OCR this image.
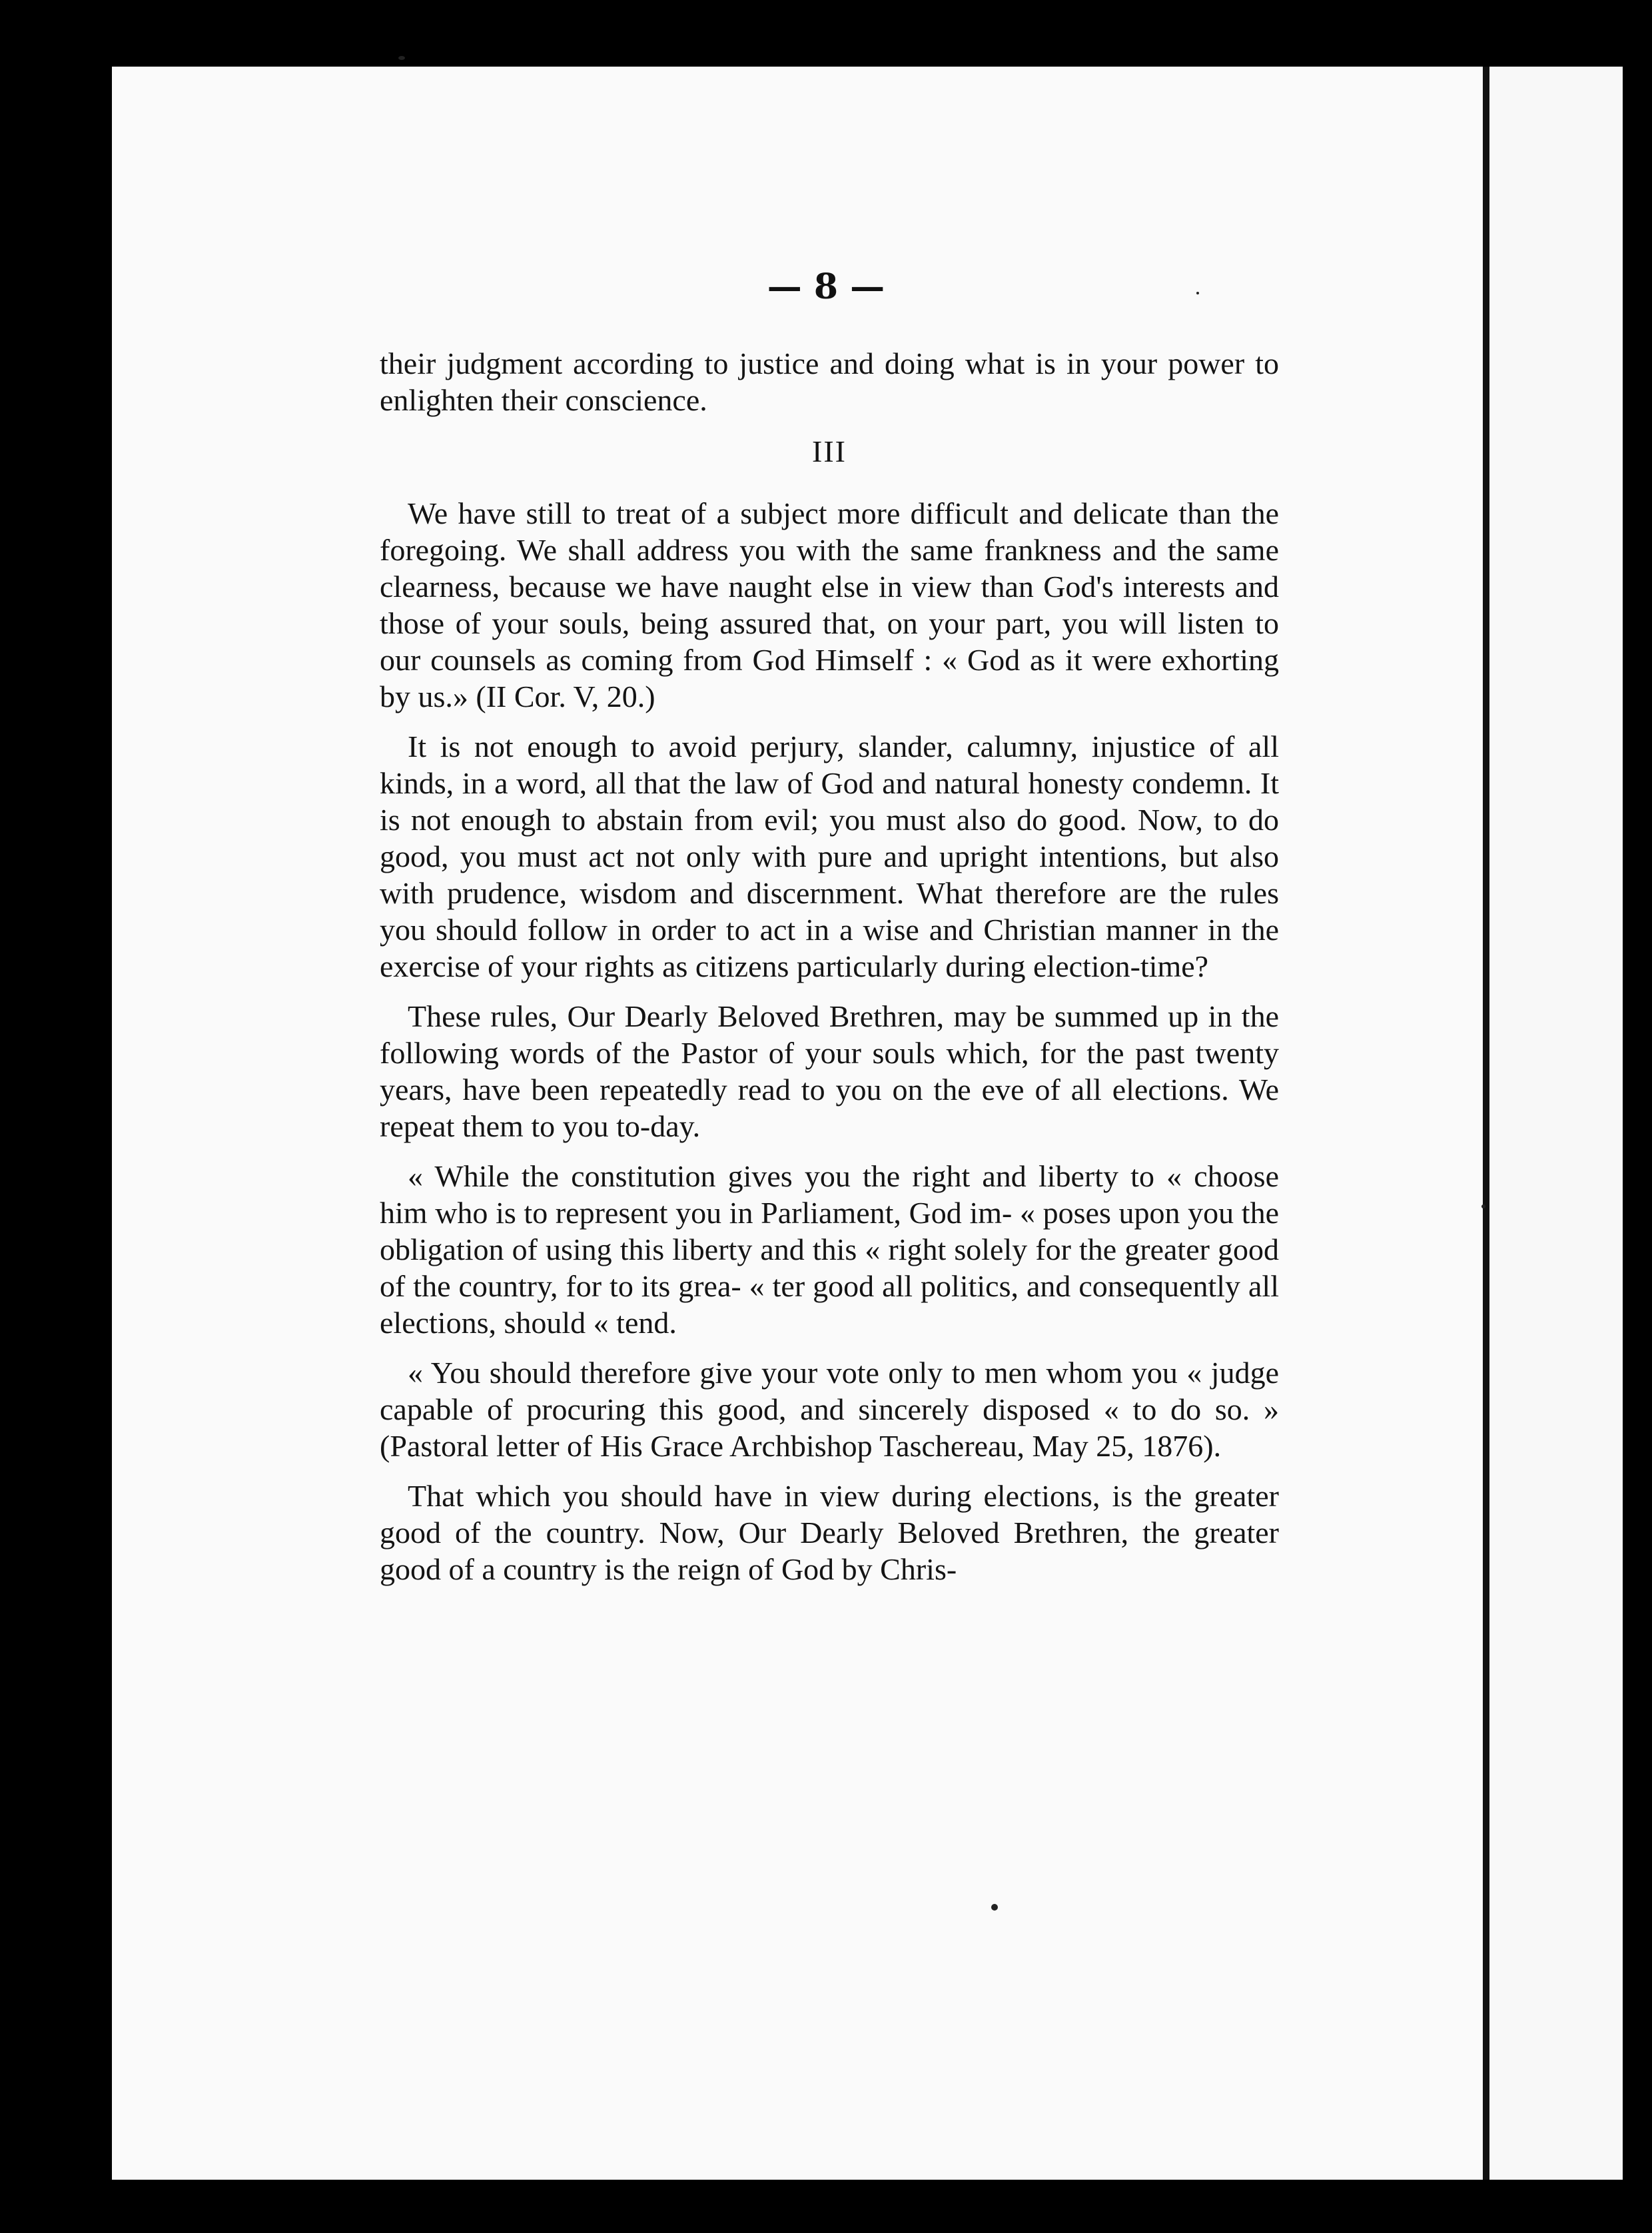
— 8 —

their judgment according to justice and doing what is in your power to enlighten their conscience.

III

We have still to treat of a subject more difficult and delicate than the foregoing. We shall address you with the same frankness and the same clearness, because we have naught else in view than God's interests and those of your souls, being assured that, on your part, you will listen to our counsels as coming from God Himself : « God as it were exhorting by us.» (II Cor. V, 20.)

It is not enough to avoid perjury, slander, calumny, injustice of all kinds, in a word, all that the law of God and natural honesty condemn. It is not enough to abstain from evil; you must also do good. Now, to do good, you must act not only with pure and upright intentions, but also with prudence, wisdom and discernment. What therefore are the rules you should follow in order to act in a wise and Christian manner in the exercise of your rights as citizens particularly during election-time?

These rules, Our Dearly Beloved Brethren, may be summed up in the following words of the Pastor of your souls which, for the past twenty years, have been repeatedly read to you on the eve of all elections. We repeat them to you to-day.

« While the constitution gives you the right and liberty to « choose him who is to represent you in Parliament, God im- « poses upon you the obligation of using this liberty and this « right solely for the greater good of the country, for to its grea- « ter good all politics, and consequently all elections, should « tend.

« You should therefore give your vote only to men whom you « judge capable of procuring this good, and sincerely disposed « to do so. » (Pastoral letter of His Grace Archbishop Taschereau, May 25, 1876).

That which you should have in view during elections, is the greater good of the country. Now, Our Dearly Beloved Brethren, the greater good of a country is the reign of God by Chris-
